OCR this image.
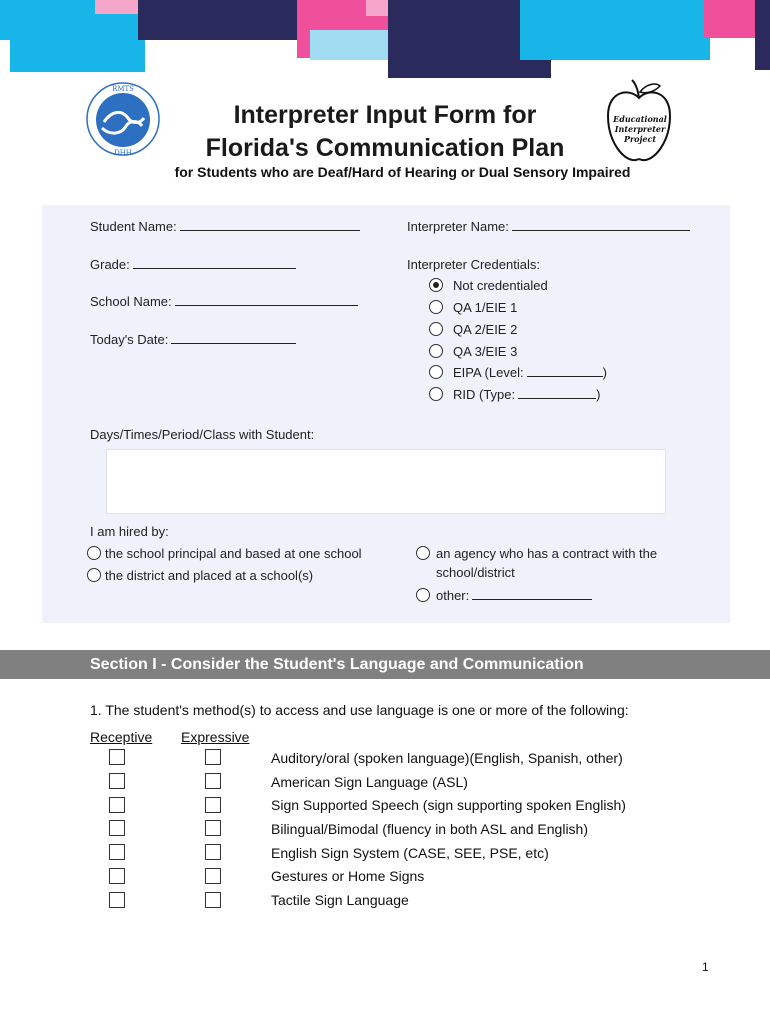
RMTS
DHH
Interpreter Input Form for
Florida's Communication Plan
Educational
Interpreter
Project
for Students who are Deaf/Hard of Hearing or Dual Sensory Impaired
Student Name:
Grade:
School Name:
Today's Date:
Interpreter Name:
Interpreter Credentials:
Not credentialed
QA 1/EIE 1
QA 2/EIE 2
QA 3/EIE 3
EIPA (Level:	)
RID (Type:	)
Days/Times/Period/Class with Student:
I am hired by:
the school principal and based at one school
the district and placed at a school(s)
an agency who has a contract with the
school/district
other:
Section I - Consider the Student's Language and Communication
1. The student's method(s) to access and use language is one or more of the following:
Receptive Expressive
Auditory/oral (spoken language)(English, Spanish, other)
American Sign Language (ASL)
Sign Supported Speech (sign supporting spoken English)
Bilingual/Bimodal (fluency in both ASL and English)
English Sign System (CASE, SEE, PSE, etc)
Gestures or Home Signs
Tactile Sign Language
1
